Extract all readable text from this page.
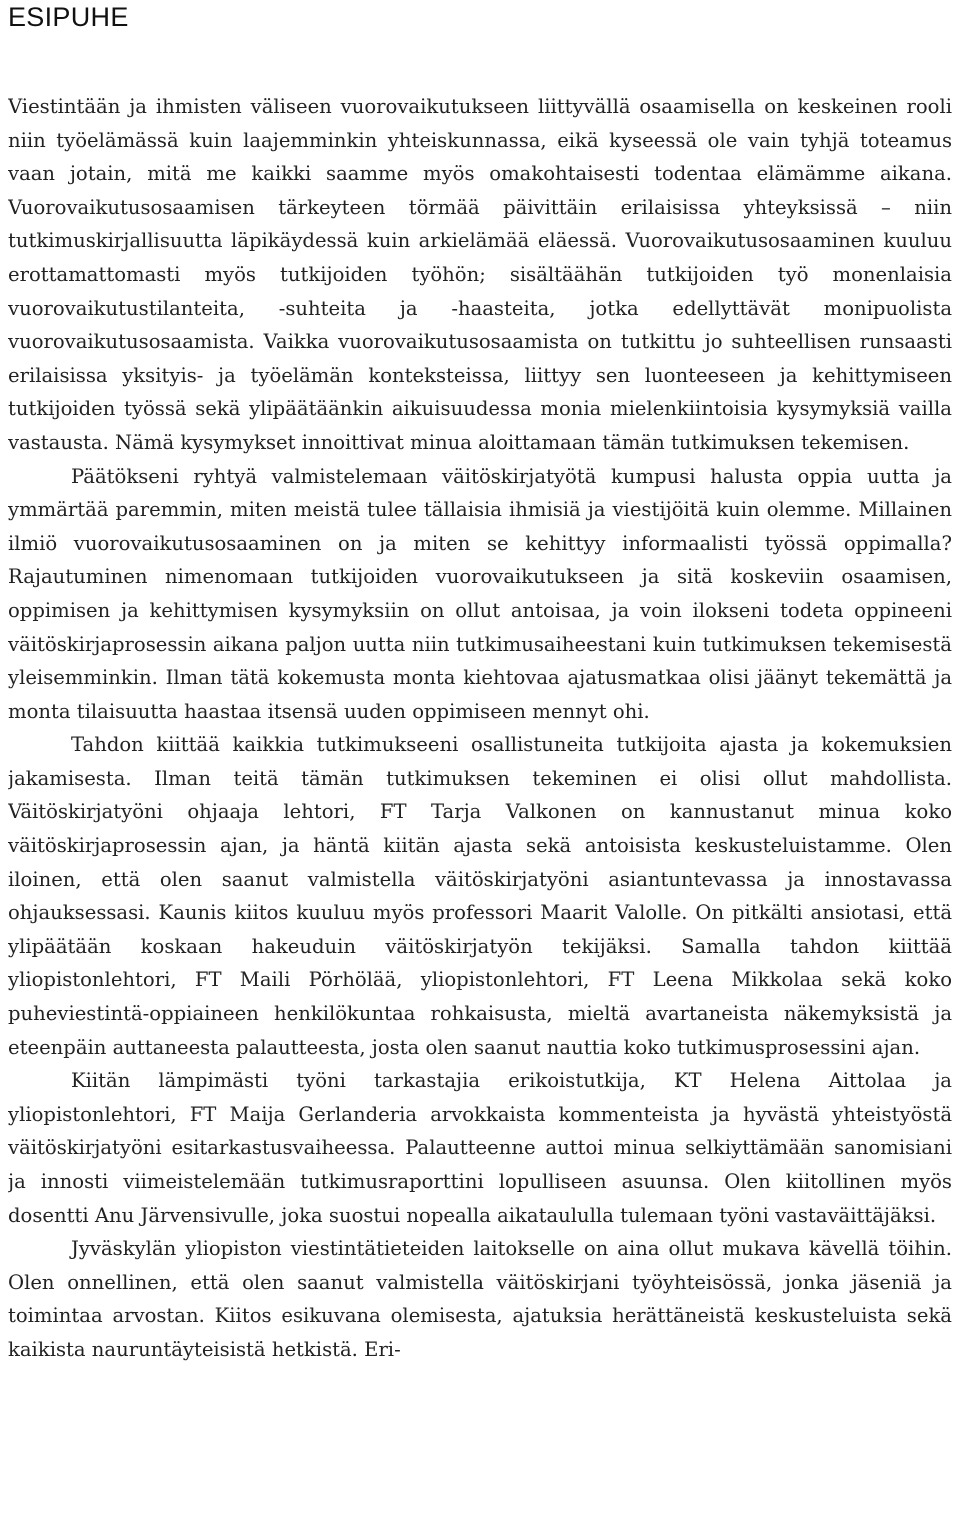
ESIPUHE

Viestintään ja ihmisten väliseen vuorovaikutukseen liittyvällä osaamisella on keskeinen rooli niin työelämässä kuin laajemminkin yhteiskunnassa, eikä kyseessä ole vain tyhjä toteamus vaan jotain, mitä me kaikki saamme myös omakohtaisesti todentaa elämämme aikana. Vuorovaikutusosaamisen tärkeyteen törmää päivittäin erilaisissa yhteyksissä – niin tutkimuskirjallisuutta läpikäydessä kuin arkielämää eläessä. Vuorovaikutusosaaminen kuuluu erottamattomasti myös tutkijoiden työhön; sisältäähän tutkijoiden työ monenlaisia vuorovaikutustilanteita, -suhteita ja -haasteita, jotka edellyttävät monipuolista vuorovaikutusosaamista. Vaikka vuorovaikutusosaamista on tutkittu jo suhteellisen runsaasti erilaisissa yksityis- ja työelämän konteksteissa, liittyy sen luonteeseen ja kehittymiseen tutkijoiden työssä sekä ylipäätäänkin aikuisuudessa monia mielenkiintoisia kysymyksiä vailla vastausta. Nämä kysymykset innoittivat minua aloittamaan tämän tutkimuksen tekemisen.

Päätökseni ryhtyä valmistelemaan väitöskirjatyötä kumpusi halusta oppia uutta ja ymmärtää paremmin, miten meistä tulee tällaisia ihmisiä ja viestijöitä kuin olemme. Millainen ilmiö vuorovaikutusosaaminen on ja miten se kehittyy informaalisti työssä oppimalla? Rajautuminen nimenomaan tutkijoiden vuorovaikutukseen ja sitä koskeviin osaamisen, oppimisen ja kehittymisen kysymyksiin on ollut antoisaa, ja voin ilokseni todeta oppineeni väitöskirjaprosessin aikana paljon uutta niin tutkimusaiheestani kuin tutkimuksen tekemisestä yleisemminkin. Ilman tätä kokemusta monta kiehtovaa ajatusmatkaa olisi jäänyt tekemättä ja monta tilaisuutta haastaa itsensä uuden oppimiseen mennyt ohi.

Tahdon kiittää kaikkia tutkimukseeni osallistuneita tutkijoita ajasta ja kokemuksien jakamisesta. Ilman teitä tämän tutkimuksen tekeminen ei olisi ollut mahdollista. Väitöskirjatyöni ohjaaja lehtori, FT Tarja Valkonen on kannustanut minua koko väitöskirjaprosessin ajan, ja häntä kiitän ajasta sekä antoisista keskusteluistamme. Olen iloinen, että olen saanut valmistella väitöskirjatyöni asiantuntevassa ja innostavassa ohjauksessasi. Kaunis kiitos kuuluu myös professori Maarit Valolle. On pitkälti ansiotasi, että ylipäätään koskaan hakeuduin väitöskirjatyön tekijäksi. Samalla tahdon kiittää yliopistonlehtori, FT Maili Pörhölää, yliopistonlehtori, FT Leena Mikkolaa sekä koko puheviestintä-oppiaineen henkilökuntaa rohkaisusta, mieltä avartaneista näkemyksistä ja eteenpäin auttaneesta palautteesta, josta olen saanut nauttia koko tutkimusprosessini ajan.

Kiitän lämpimästi työni tarkastajia erikoistutkija, KT Helena Aittolaa ja yliopistonlehtori, FT Maija Gerlanderia arvokkaista kommenteista ja hyvästä yhteistyöstä väitöskirjatyöni esitarkastusvaiheessa. Palautteenne auttoi minua selkiyttämään sanomisiani ja innosti viimeistelemään tutkimusraporttini lopulliseen asuunsa. Olen kiitollinen myös dosentti Anu Järvensivulle, joka suostui nopealla aikataululla tulemaan työni vastaväittäjäksi.

Jyväskylän yliopiston viestintätieteiden laitokselle on aina ollut mukava kävellä töihin. Olen onnellinen, että olen saanut valmistella väitöskirjani työyhteisössä, jonka jäseniä ja toimintaa arvostan. Kiitos esikuvana olemisesta, ajatuksia herättäneistä keskusteluista sekä kaikista nauruntäyteisistä hetkistä. Eri-
